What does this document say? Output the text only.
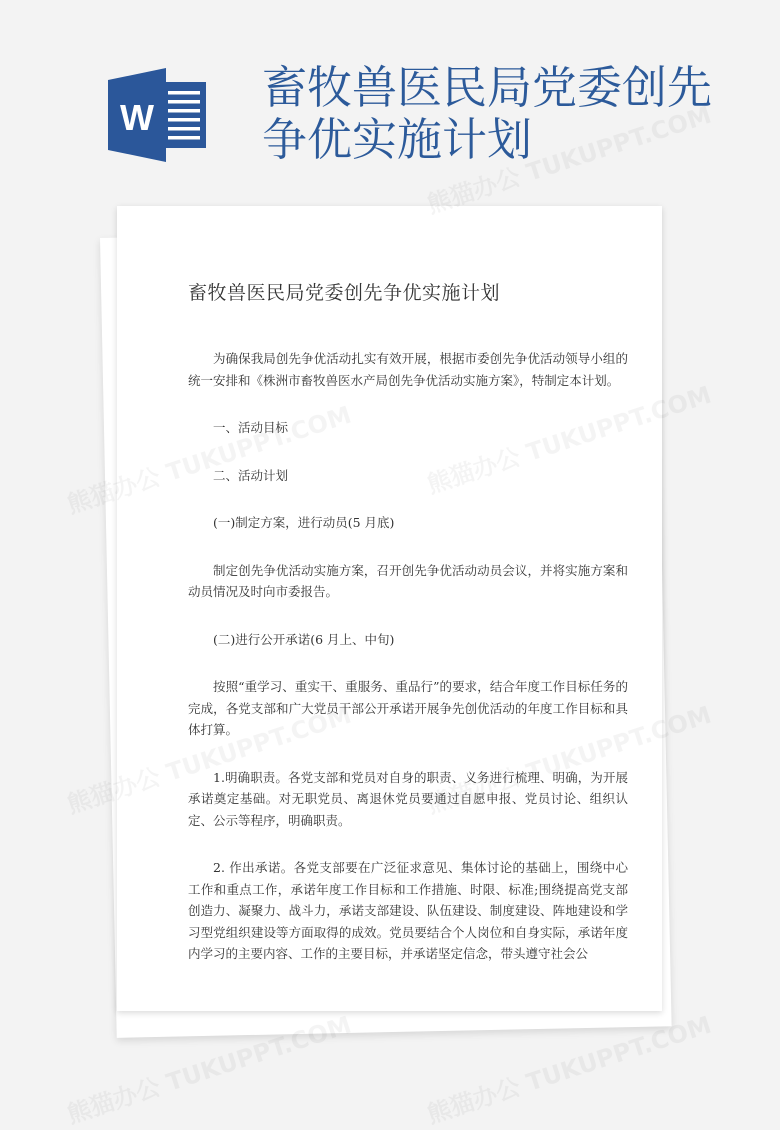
W
畜牧兽医民局党委创先争优实施计划
畜牧兽医民局党委创先争优实施计划

为确保我局创先争优活动扎实有效开展，根据市委创先争优活动领导小组的统一安排和《株洲市畜牧兽医水产局创先争优活动实施方案》，特制定本计划。

一、活动目标

二、活动计划

(一)制定方案，进行动员(5 月底)

制定创先争优活动实施方案，召开创先争优活动动员会议，并将实施方案和动员情况及时向市委报告。

(二)进行公开承诺(6 月上、中旬)

按照“重学习、重实干、重服务、重品行”的要求，结合年度工作目标任务的完成，各党支部和广大党员干部公开承诺开展争先创优活动的年度工作目标和具体打算。

1.明确职责。各党支部和党员对自身的职责、义务进行梳理、明确，为开展承诺奠定基础。对无职党员、离退休党员要通过自愿申报、党员讨论、组织认定、公示等程序，明确职责。

2. 作出承诺。各党支部要在广泛征求意见、集体讨论的基础上，围绕中心工作和重点工作，承诺年度工作目标和工作措施、时限、标准;围绕提高党支部创造力、凝聚力、战斗力，承诺支部建设、队伍建设、制度建设、阵地建设和学习型党组织建设等方面取得的成效。党员要结合个人岗位和自身实际，承诺年度内学习的主要内容、工作的主要目标，并承诺坚定信念，带头遵守社会公
